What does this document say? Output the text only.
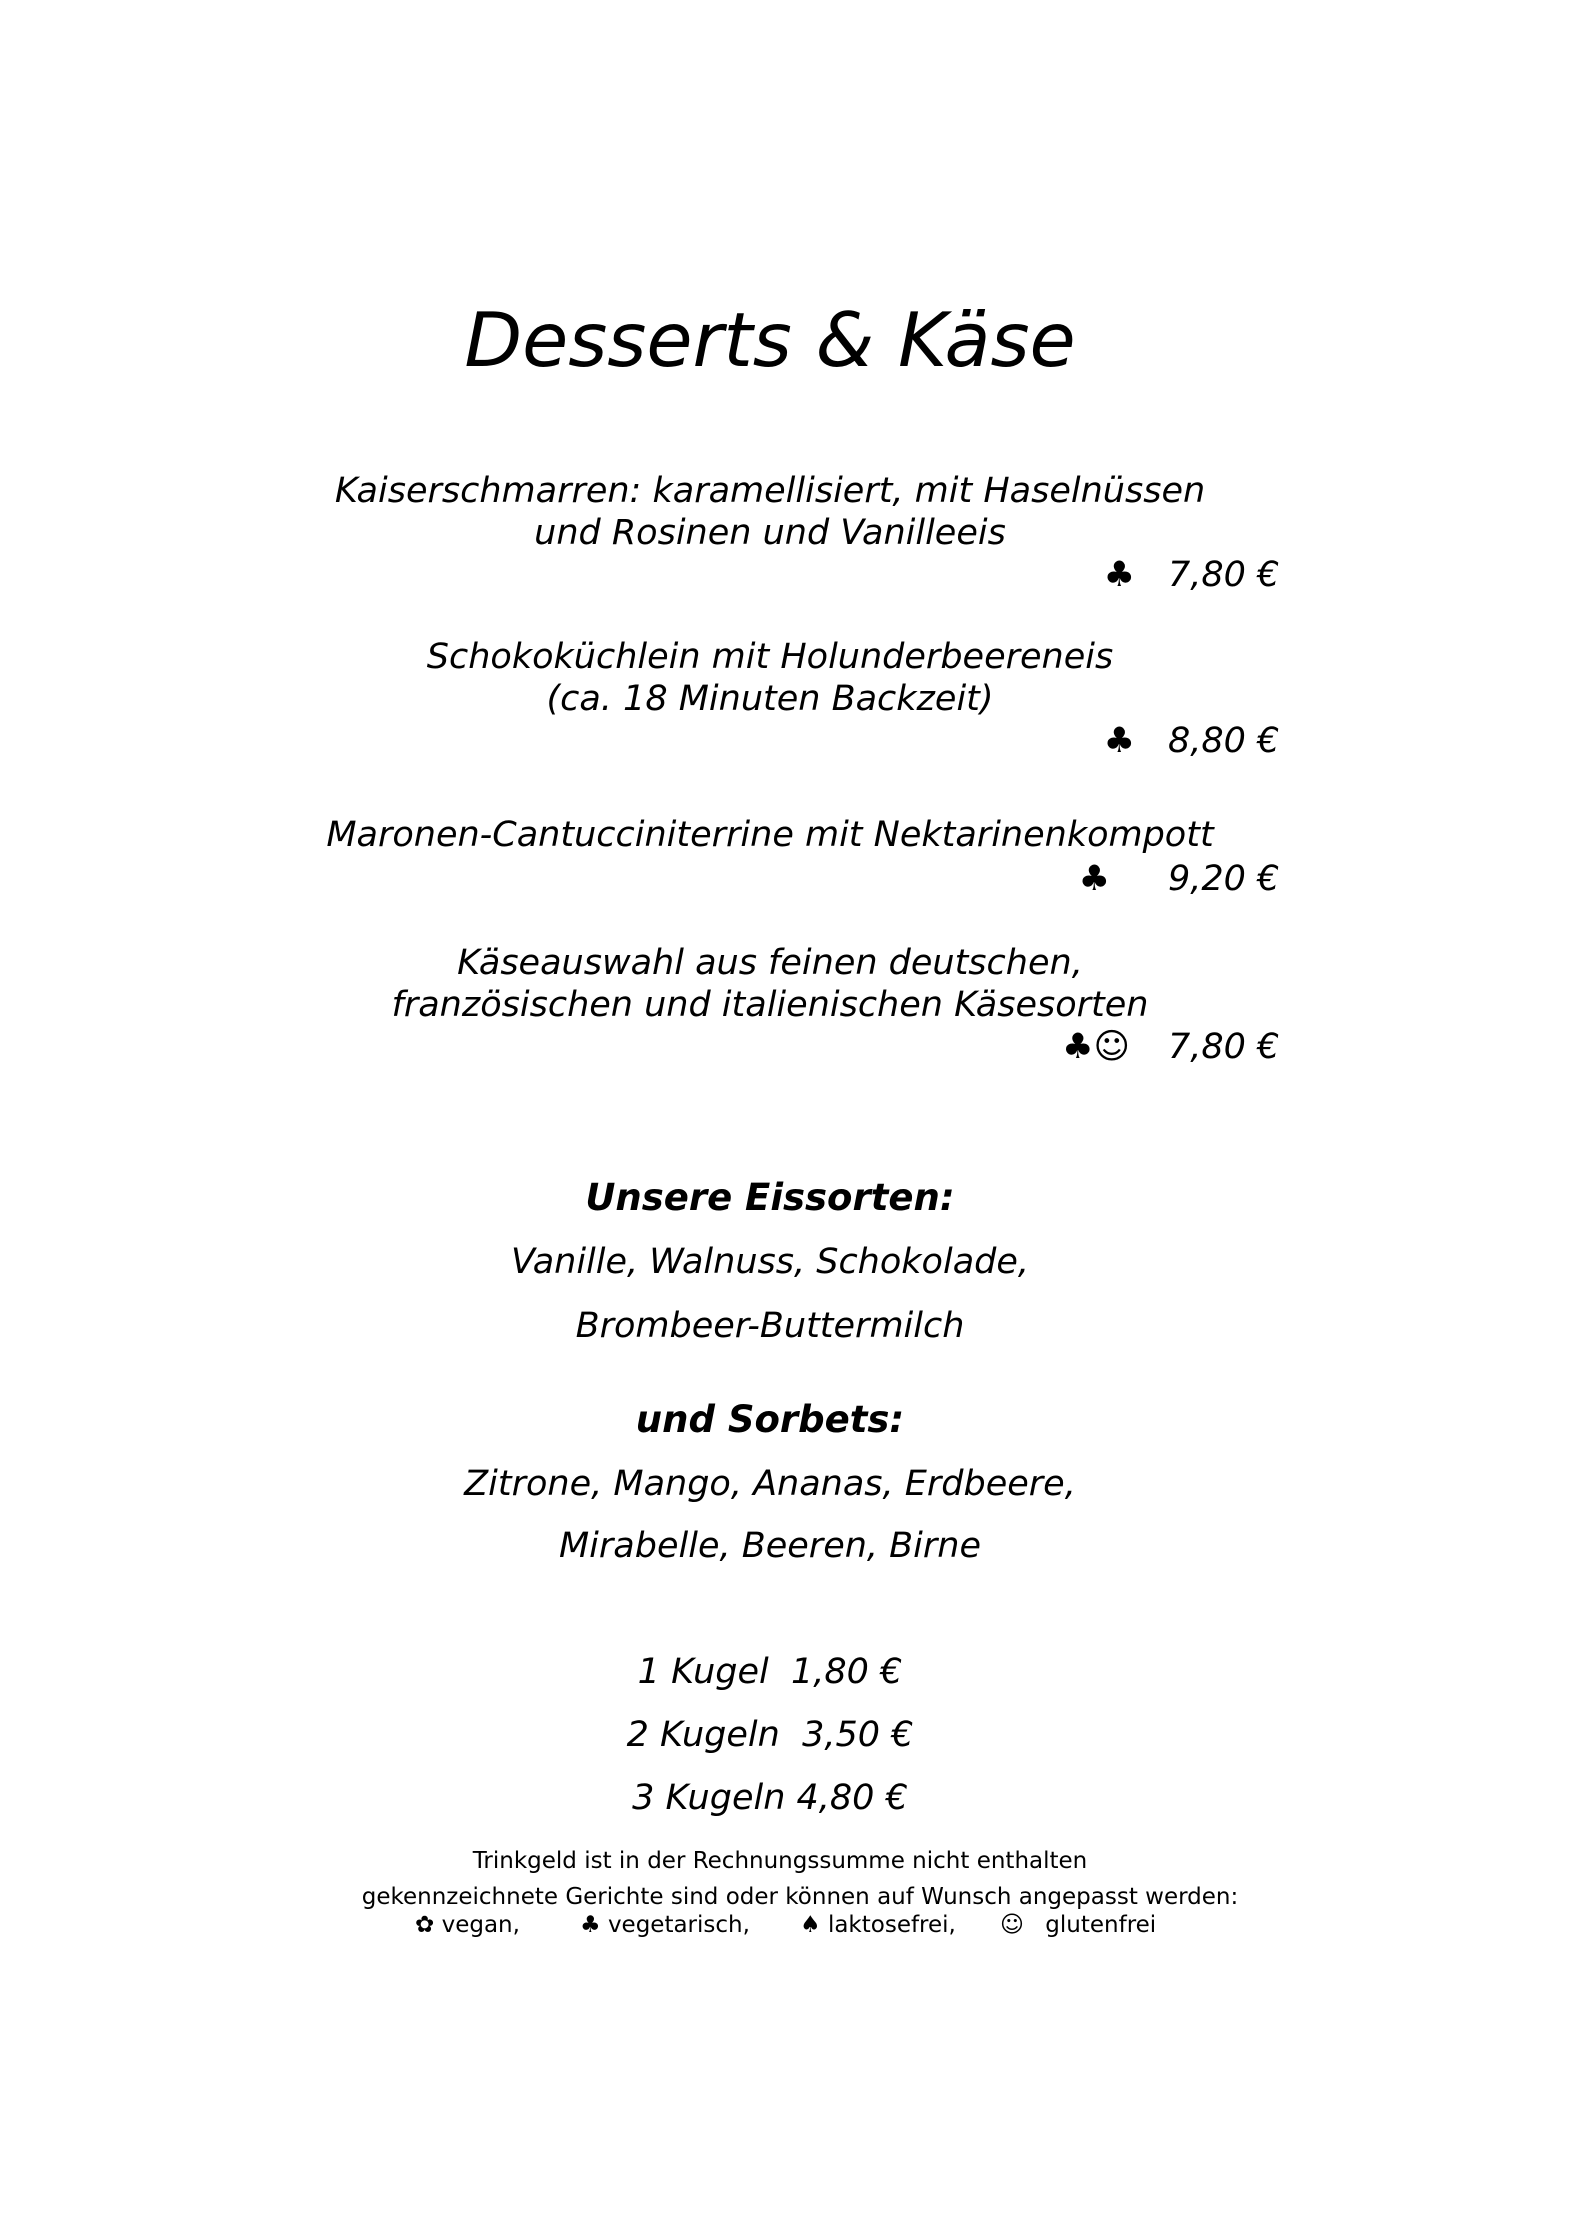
Desserts & Käse
Kaiserschmarren: karamellisiert, mit Haselnüssen
und Rosinen und Vanilleeis
♣ 7,80 €
Schokoküchlein mit Holunderbeereneis
(ca. 18 Minuten Backzeit)
♣ 8,80 €
Maronen-Cantucciniterrine mit Nektarinenkompott
♣ 9,20 €
Käseauswahl aus feinen deutschen,
französischen und italienischen Käsesorten
♣☺ 7,80 €
Unsere Eissorten:
Vanille, Walnuss, Schokolade,
Brombeer-Buttermilch
und Sorbets:
Zitrone, Mango, Ananas, Erdbeere,
Mirabelle, Beeren, Birne
1 Kugel  1,80 €
2 Kugeln  3,50 €
3 Kugeln 4,80 €
Trinkgeld ist in der Rechnungssumme nicht enthalten
gekennzeichnete Gerichte sind oder können auf Wunsch angepasst werden:
✿ vegan,	♣ vegetarisch, ♠ laktosefrei, ☺ glutenfrei
